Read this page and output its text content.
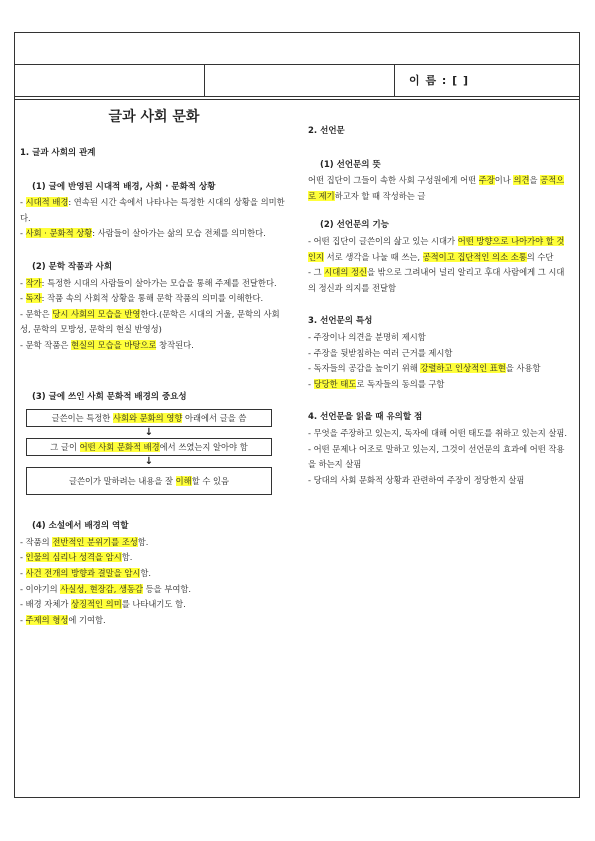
이 름 : [ ]
글과 사회 문화
1. 글과 사회의 관계
(1) 글에 반영된 시대적 배경, 사회 · 문화적 상황

- 시대적 배경: 연속된 시간 속에서 나타나는 특정한 시대의 상황을 의미한다.

- 사회 · 문화적 상황: 사람들이 살아가는 삶의 모습 전체를 의미한다.

(2) 문학 작품과 사회

- 작가: 특정한 시대의 사람들이 살아가는 모습을 통해 주제를 전달한다.

- 독자: 작품 속의 사회적 상황을 통해 문학 작품의 의미를 이해한다.

- 문학은 당시 사회의 모습을 반영한다.(문학은 시대의 거울, 문학의 사회성, 문학의 모방성, 문학의 현실 반영성)

- 문학 작품은 현실의 모습을 바탕으로 창작된다.

(3) 글에 쓰인 사회 문화적 배경의 중요성
글쓴이는 특정한 사회와 문화의 영향 아래에서 글을 씀
↓
그 글이 어떤 사회 문화적 배경에서 쓰였는지 알아야 함
↓
글쓴이가 말하려는 내용을 잘 이해할 수 있음
(4) 소설에서 배경의 역할

- 작품의 전반적인 분위기를 조성함.

- 인물의 심리나 성격을 암시함.

- 사건 전개의 방향과 결말을 암시함.

- 이야기의 사실성, 현장감, 생동감 등을 부여함.

- 배경 자체가 상징적인 의미를 나타내기도 함.

- 주제의 형성에 기여함.

2. 선언문
(1) 선언문의 뜻

어떤 집단이 그들이 속한 사회 구성원에게 어떤 주장이나 의견을 공적으로 제기하고자 할 때 작성하는 글

(2) 선언문의 기능

- 어떤 집단이 글쓴이의 삶고 있는 시대가 어떤 방향으로 나아가야 할 것인지 서로 생각을 나눌 때 쓰는, 공적이고 집단적인 의소 소통의 수단

- 그 시대의 정신을 밖으로 그려내어 널리 알리고 후대 사람에게 그 시대의 정신과 의지를 전달함

3. 선언문의 특성

- 주장이나 의견을 분명히 제시함

- 주장을 뒷받침하는 여러 근거를 제시함

- 독자들의 공감을 높이기 위해 강렬하고 인상적인 표현을 사용함

- 당당한 태도로 독자들의 동의를 구함

4. 선언문을 읽을 때 유의할 점

- 무엇을 주장하고 있는지, 독자에 대해 어떤 태도를 취하고 있는지 살핌.

- 어떤 문제나 어조로 말하고 있는지, 그것이 선언문의 효과에 어떤 작용을 하는지 살핌

- 당대의 사회 문화적 상황과 관련하여 주장이 정당한지 살핌
